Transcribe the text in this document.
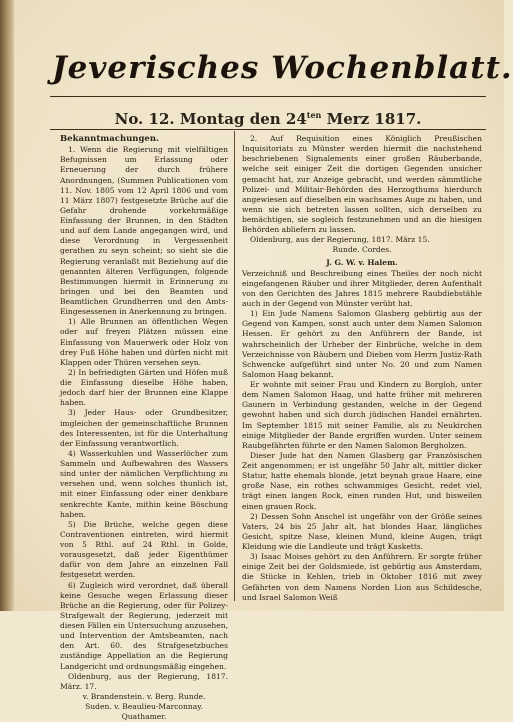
Jeverisches Wochenblatt.
No. 12. Montag den $24^{ten}$ Merz 1817.
Bekanntmachungen.

1. Wenn die Regierung mit vielfältigen Befugnissen um Erlassung oder Erneuerung der durch frühere Anordnungen, (Summen Publicationen vom 11. Nov. 1805 vom 12 April 1806 und vom 11 März 1807) festgesetzte Brüche auf die Gefahr drohende vorkehrmäßige Einfassung der Brunnen, in den Städten und auf dem Lande angegangen wird, und diese Verordnung in Vergessenheit gerathen zu seyn scheint; so sieht sie die Regierung veranlaßt mit Beziehung auf die genannten älteren Verfügungen, folgende Bestimmungen hiermit in Erinnerung zu bringen und bei den Beamten und Beamtlichen Grundherren und den Amts-Eingesessenen in Anerkennung zu bringen.

1) Alle Brunnen an öffentlichen Wegen oder auf freyen Plätzen müssen eine Einfassung von Mauerwerk oder Holz von drey Fuß Höhe haben und dürfen nicht mit Klappen oder Thüren versehen seyn.

2) In befriedigten Gärten und Höfen muß die Einfassung dieselbe Höhe haben, jedoch darf hier der Brunnen eine Klappe haben.

3) Jeder Haus- oder Grundbesitzer, imgleichen der gemeinschaftliche Brunnen des Interessenten, ist für die Unterhaltung der Einfassung verantwortlich.

4) Wasserkuhlen und Wasserlöcher zum Sammeln und Aufbewahren des Wassers sind unter der nämlichen Verpflichtung zu versehen und, wenn solches thunlich ist, mit einer Einfassung oder einer denkbare senkrechte Kante, mithin keine Böschung haben.

5) Die Brüche, welche gegen diese Contraventionen eintreten, wird hiermit von 5 Rthl. auf 24 Rthl. in Golde, vorausgesetzt, daß jeder Eigenthümer dafür von dem Jahre an einzelnen Fall festgesetzt werden.

6) Zugleich wird verordnet, daß überall keine Gesuche wegen Erlassung dieser Brüche an die Regierung, oder für Polizey-Strafgewalt der Regierung, jederzeit mit diesen Fällen ein Untersuchung anzusehen, und Intervention der Amtsbeamten, nach den Art. 60. des Strafgesetzbuches zuständige Appellation an die Regierung Landgericht und ordnungsmäßig eingehen.

Oldenburg, aus der Regierung, 1817. März. 17.

v. Brandenstein. v. Berg. Runde.

Suden. v. Beaulieu-Marconnay.

Quathamer.

2. Auf Requisition eines Königlich Preußischen Inquisitoriats zu Münster werden hiermit die nachstehend beschriebenen Signalements einer großen Räuberbande, welche seit einiger Zeit die dortigen Gegenden unsicher gemacht hat, zur Anzeige gebracht, und werden sämmtliche Polizei- und Militair-Behörden des Herzogthums hierdurch angewiesen auf dieselben ein wachsames Auge zu haben, und wenn sie sich betreten lassen sollten, sich derselben zu bemächtigen, sie sogleich festzunehmen und an die hiesigen Behörden abliefern zu lassen.

Oldenburg, aus der Regierung, 1817. März 15.

Runde. Cordes.

J. G. W. v. Halem.

Verzeichniß und Beschreibung eines Theiles der noch nicht eingefangenen Räuber und ihrer Mitglieder, deren Aufenthalt von den Gerichten des Jahres 1815 mehrere Raubdiebstähle auch in der Gegend von Münster verübt hat.

1) Ein Jude Namens Salomon Glasberg gebürtig aus der Gegend von Kampen, sonst auch unter dem Namen Salomon Hessen. Er gehört zu den Anführern der Bande, ist wahrscheinlich der Urheber der Einbrüche, welche in dem Verzeichnisse von Räubern und Dieben vom Herrn Justiz-Rath Schwencke aufgeführt sind unter No. 20 und zum Namen Salomon Haag bekannt.

Er wohnte mit seiner Frau und Kindern zu Borgloh, unter dem Namen Salomon Haag, und hatte früher mit mehreren Gaunern in Verbindung gestanden, welche in der Gegend gewohnt haben und sich durch jüdischen Handel ernährten. Im September 1815 mit seiner Familie, als zu Neukirchen einige Mitglieder der Bande ergriffen wurden. Unter seinem Raubgefährten führte er den Namen Salomon Bergholzen.

Dieser Jude hat den Namen Glasberg gar Französischen Zeit angenommen; er ist ungefähr 50 Jahr alt, mittler dicker Statur, hatte ehemals blonde, jetzt beynah graue Haare, eine große Nase, ein rothes schwammiges Gesicht, redet viel, trägt einen langen Rock, einen runden Hut, und bisweilen einen grauen Rock.

2) Dessen Sohn Anschel ist ungefähr von der Größe seines Vaters, 24 bis 25 Jahr alt, hat blondes Haar, längliches Gesicht, spitze Nase, kleinen Mund, kleine Augen, trägt Kleidung wie die Landleute und trägt Kasketts.

3) Isaac Moises gehört zu den Anführern. Er sorgte früher einige Zeit bei der Goldsmiede, ist gebürtig aus Amsterdam, die Stücke in Kehlen, trieb in Oktober 1816 mit zwey Gefährten von dem Namens Norden Lion aus Schildesche, und Israel Salomon Weiß
